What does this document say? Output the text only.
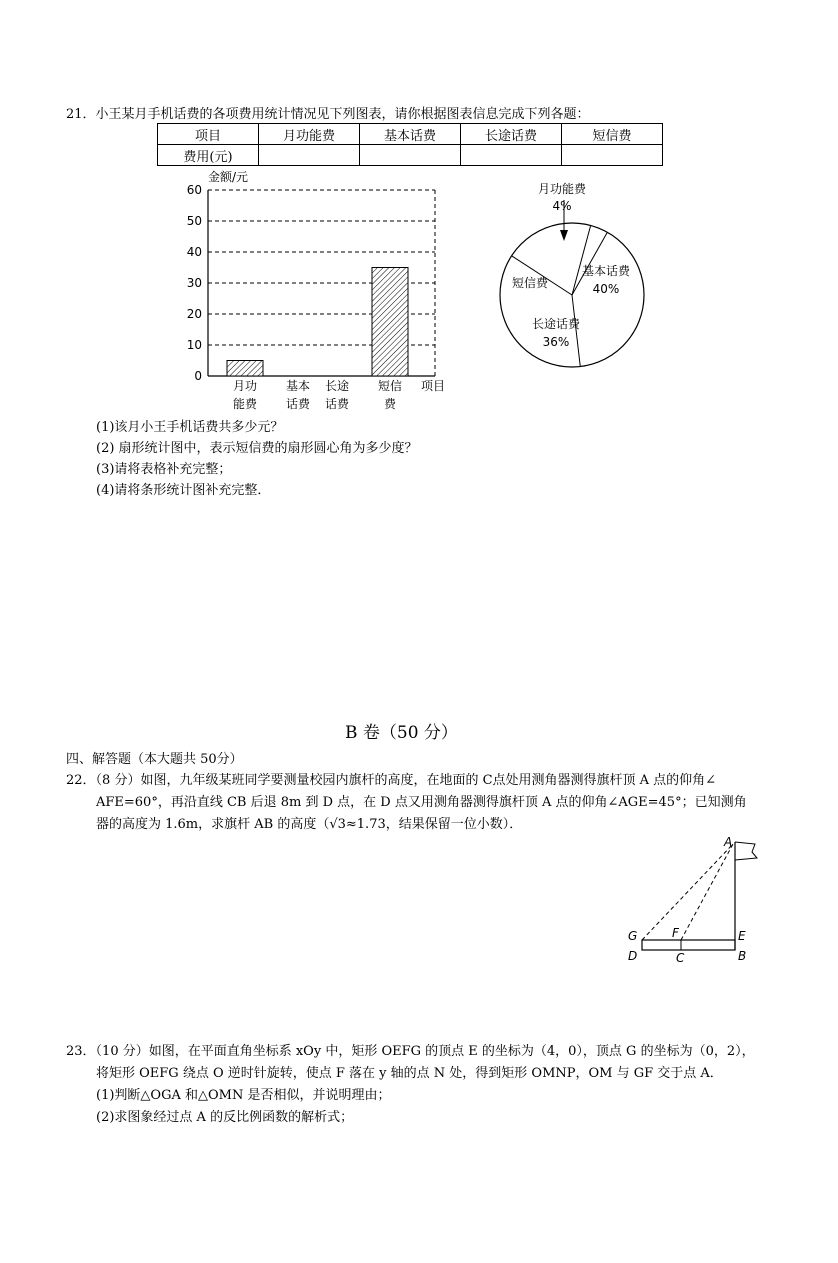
21．小王某月手机话费的各项费用统计情况见下列图表，请你根据图表信息完成下列各题：
项目	月功能费	基本话费	长途话费	短信费
费用(元)				
0
10
20
30
40
50
60
金额/元
项目
月功
能费
基本
话费
长途
话费
短信
费
月功能费
4%
基本话费
40%
长途话费
36%
短信费
(1)该月小王手机话费共多少元？
(2) 扇形统计图中，表示短信费的扇形圆心角为多少度？
(3)请将表格补充完整；
(4)请将条形统计图补充完整．
B 卷（50 分）
四、解答题（本大题共 50分）
22．（8 分）如图，九年级某班同学要测量校园内旗杆的高度，在地面的 C点处用测角器测得旗杆顶 A 点的仰角∠
AFE=60°，再沿直线 CB 后退 8m 到 D 点，在 D 点又用测角器测得旗杆顶 A 点的仰角∠AGE=45°；已知测角
器的高度为 1.6m，求旗杆 AB 的高度（√3≈1.73，结果保留一位小数）．
A
G	F	E
D	C	B
23．（10 分）如图，在平面直角坐标系 xOy 中，矩形 OEFG 的顶点 E 的坐标为（4，0），顶点 G 的坐标为（0，2），
将矩形 OEFG 绕点 O 逆时针旋转，使点 F 落在 y 轴的点 N 处，得到矩形 OMNP，OM 与 GF 交于点 A．
(1)判断△OGA 和△OMN 是否相似，并说明理由；
(2)求图象经过点 A 的反比例函数的解析式；
